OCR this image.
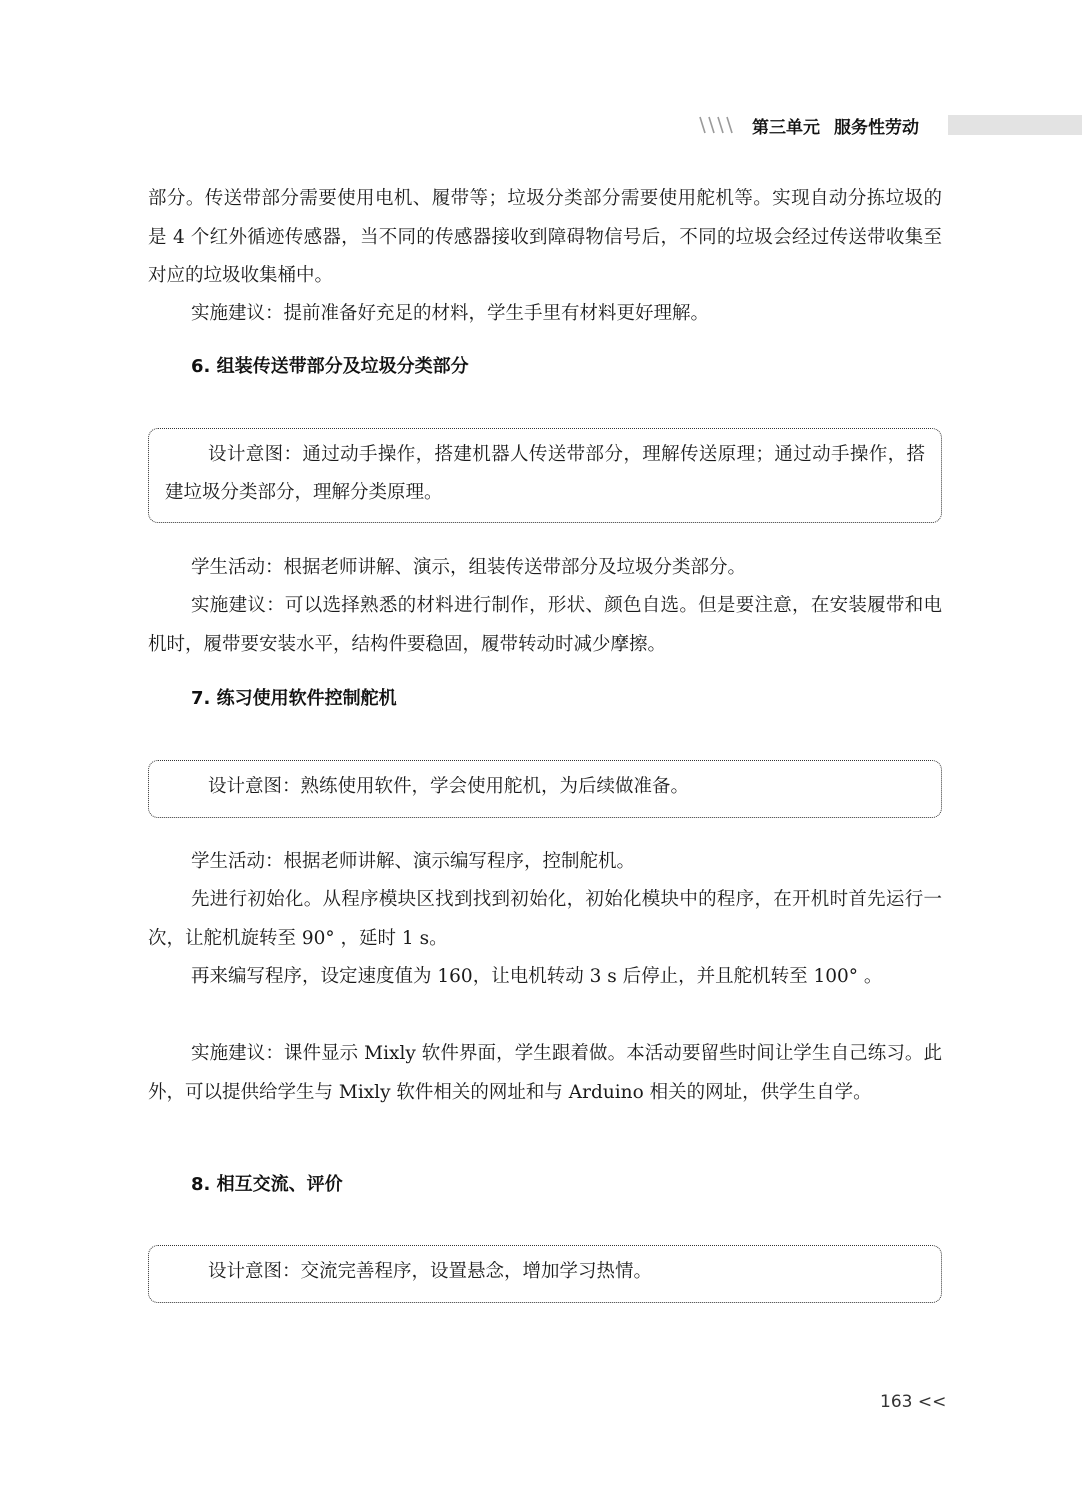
第三单元 服务性劳动

部分。传送带部分需要使用电机、履带等；垃圾分类部分需要使用舵机等。实现自动分拣垃圾的是 4 个红外循迹传感器，当不同的传感器接收到障碍物信号后，不同的垃圾会经过传送带收集至对应的垃圾收集桶中。

实施建议：提前准备好充足的材料，学生手里有材料更好理解。

6. 组装传送带部分及垃圾分类部分

设计意图：通过动手操作，搭建机器人传送带部分，理解传送原理；通过动手操作，搭建垃圾分类部分，理解分类原理。

学生活动：根据老师讲解、演示，组装传送带部分及垃圾分类部分。

实施建议：可以选择熟悉的材料进行制作，形状、颜色自选。但是要注意，在安装履带和电机时，履带要安装水平，结构件要稳固，履带转动时减少摩擦。

7. 练习使用软件控制舵机

设计意图：熟练使用软件，学会使用舵机，为后续做准备。

学生活动：根据老师讲解、演示编写程序，控制舵机。

先进行初始化。从程序模块区找到找到初始化，初始化模块中的程序，在开机时首先运行一次，让舵机旋转至 90° ，延时 1 s。

再来编写程序，设定速度值为 160，让电机转动 3 s 后停止，并且舵机转至 100° 。

实施建议：课件显示 Mixly 软件界面，学生跟着做。本活动要留些时间让学生自己练习。此外，可以提供给学生与 Mixly 软件相关的网址和与 Arduino 相关的网址，供学生自学。

8. 相互交流、评价

设计意图：交流完善程序，设置悬念，增加学习热情。

163 <<
